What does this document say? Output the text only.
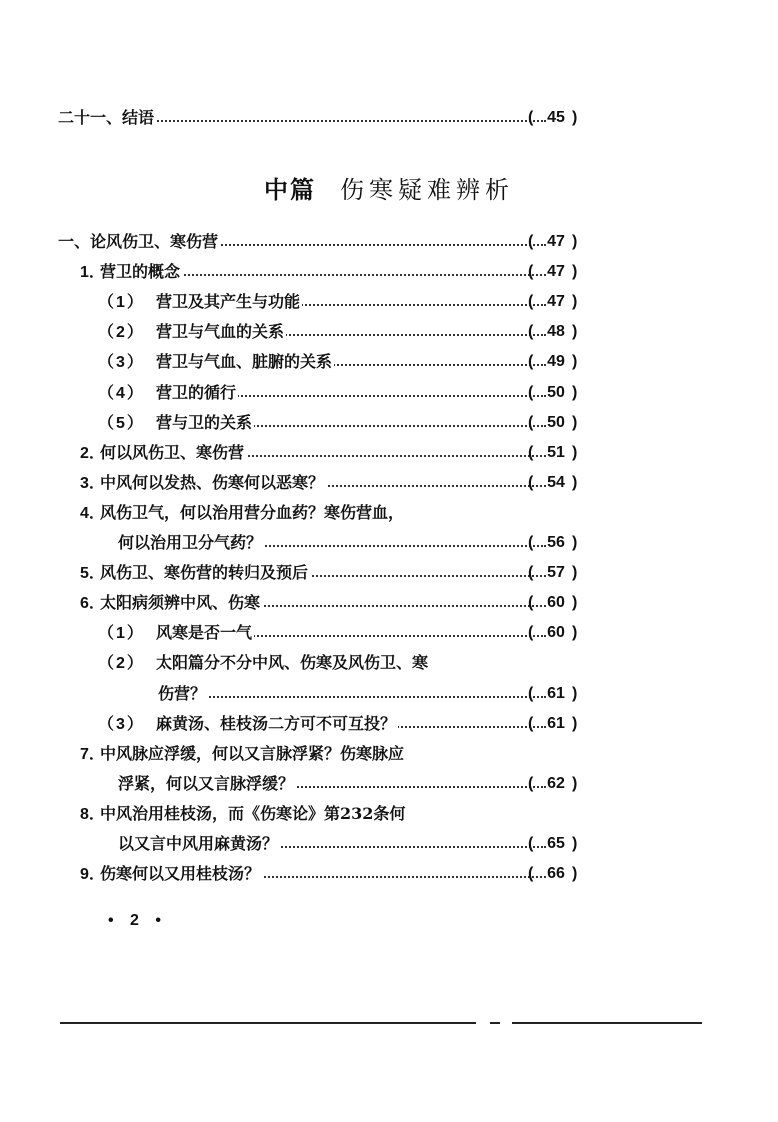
二十一、结语	( 45 )
一、论风伤卫、寒伤营	( 47 )
1．营卫的概念	( 47 )
（1） 营卫及其产生与功能	( 47 )
（2） 营卫与气血的关系	( 48 )
（3） 营卫与气血、脏腑的关系	( 49 )
（4） 营卫的循行	( 50 )
（5） 营与卫的关系	( 50 )
2．何以风伤卫、寒伤营	( 51 )
3．中风何以发热、伤寒何以恶寒？	( 54 )
4．风伤卫气，何以治用营分血药？寒伤营血，
何以治用卫分气药？	( 56 )
5．风伤卫、寒伤营的转归及预后	( 57 )
6．太阳病须辨中风、伤寒	( 60 )
（1） 风寒是否一气	( 60 )
（2） 太阳篇分不分中风、伤寒及风伤卫、寒
伤营？	( 61 )
（3） 麻黄汤、桂枝汤二方可不可互投？	( 61 )
7．中风脉应浮缓，何以又言脉浮紧？伤寒脉应
浮紧，何以又言脉浮缓？	( 62 )
8．中风治用桂枝汤，而《伤寒论》第232条何
以又言中风用麻黄汤？	( 65 )
9．伤寒何以又用桂枝汤？	( 66 )
中篇 伤寒疑难辨析
• 2 •
